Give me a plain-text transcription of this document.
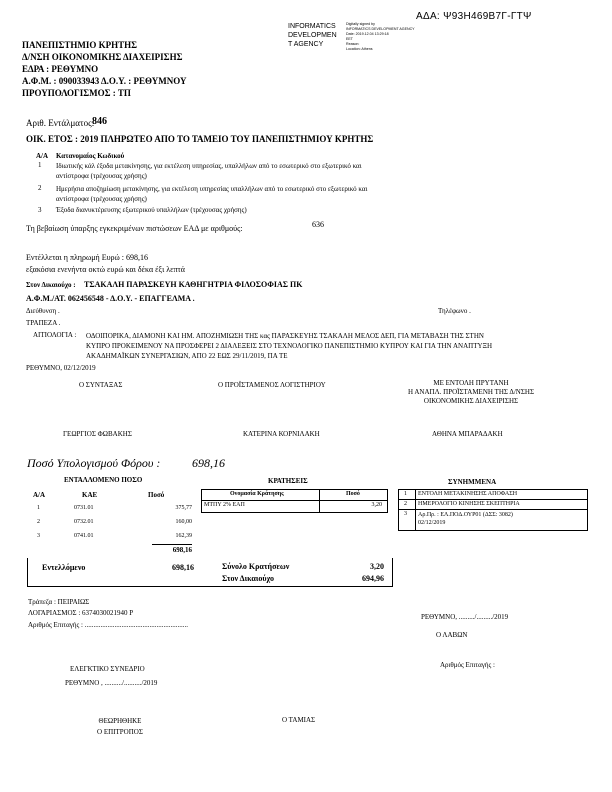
ΑΔΑ: Ψ93Η469Β7Γ-ΓΤΨ
INFORMATICS
DEVELOPMEN
T AGENCY
Digitally signed by
INFORMATICS DEVELOPMENT AGENCY
Date: 2019.12.04 13:29:18
EET
Reason:
Location: Athens
ΠΑΝΕΠΙΣΤΗΜΙΟ ΚΡΗΤΗΣ
Δ/ΝΣΗ ΟΙΚΟΝΟΜΙΚΗΣ ΔΙΑΧΕΙΡΙΣΗΣ
ΕΔΡΑ : ΡΕΘΥΜΝΟ
Α.Φ.Μ. : 090033943 Δ.Ο.Υ. : ΡΕΘΥΜΝΟΥ
ΠΡΟΥΠΟΛΟΓΙΣΜΟΣ : ΤΠ
Αριθ. Εντάλματος:
846
ΟΙΚ. ΕΤΟΣ : 2019 ΠΛΗΡΩΤΕΟ ΑΠΟ ΤΟ ΤΑΜΕΙΟ ΤΟΥ ΠΑΝΕΠΙΣΤΗΜΙΟΥ ΚΡΗΤΗΣ
Α/Α Κατανομαίος Κωδικού
1 Ιδιωτικής κάλ έξοδα μετακίνησης, για εκτέλεση υπηρεσίας, υπαλλήλων από το εσωτερικό στο εξωτερικό και
αντίστροφα (τρέχουσας χρήσης)
2 Ημερήσια αποζημίωση μετακίνησης, για εκτέλεση υπηρεσίας υπαλλήλων από το εσωτερικό στο εξωτερικό και
αντίστροφα (τρέχουσας χρήσης)
3 Έξοδα διανυκτέρευσης εξωτερικού υπαλλήλων (τρέχουσας χρήσης)
Τη βεβαίωση ύπαρξης εγκεκριμένων πιστώσεων ΕΑΔ με αριθμούς:	636
Εντέλλεται η πληρωμή Ευρώ : 698,16
εξακόσια ενενήντα οκτώ ευρώ και δέκα έξι λεπτά
Στον Δικαιούχο : ΤΣΑΚΑΛΗ ΠΑΡΑΣΚΕΥΗ ΚΑΘΗΓΗΤΡΙΑ ΦΙΛΟΣΟΦΙΑΣ ΠΚ
Α.Φ.Μ./ΑΤ. 062456548 - Δ.Ο.Υ. - ΕΠΑΓΓΕΛΜΑ .
Διεύθυνση .	Τηλέφωνο .
ΤΡΑΠΕΖΑ .
ΑΙΤΙΟΛΟΓΙΑ : ΟΔΟΙΠΟΡΙΚΑ, ΔΙΑΜΟΝΗ ΚΑΙ ΗΜ. ΑΠΟΖΗΜΙΩΣΗ ΤΗΣ κας ΠΑΡΑΣΚΕΥΗΣ ΤΣΑΚΑΛΗ ΜΕΛΟΣ ΔΕΠ, ΓΙΑ ΜΕΤΑΒΑΣΗ ΤΗΣ ΣΤΗΝ
ΚΥΠΡΟ ΠΡΟΚΕΙΜΕΝΟΥ ΝΑ ΠΡΟΣΦΕΡΕΙ 2 ΔΙΑΛΕΞΕΙΣ ΣΤΟ ΤΕΧΝΟΛΟΓΙΚΟ ΠΑΝΕΠΙΣΤΗΜΙΟ ΚΥΠΡΟΥ ΚΑΙ ΓΙΑ ΤΗΝ ΑΝΑΠΤΥΞΗ
ΑΚΑΔΗΜΑΪΚΩΝ ΣΥΝΕΡΓΑΣΙΩΝ, ΑΠΟ 22 ΕΩΣ 29/11/2019, ΠΑ ΤΕ
ΡΕΘΥΜΝΟ, 02/12/2019
Ο ΣΥΝΤΑΞΑΣ	Ο ΠΡΟΪΣΤΑΜΕΝΟΣ ΛΟΓΙΣΤΗΡΙΟΥ	ΜΕ ΕΝΤΟΛΗ ΠΡΥΤΑΝΗ
Η ΑΝΑΠΛ. ΠΡΟΪΣΤΑΜΕΝΗ ΤΗΣ Δ/ΝΣΗΣ
ΟΙΚΟΝΟΜΙΚΗΣ ΔΙΑΧΕΙΡΙΣΗΣ
ΓΕΩΡΓΙΟΣ ΦΩΒΑΚΗΣ	ΚΑΤΕΡΙΝΑ ΚΟΡΝΙΛΑΚΗ	ΑΘΗΝΑ ΜΠΑΡΑΔΑΚΗ
Ποσό Υπολογισμού Φόρου :	698,16
ΕΝΤΑΛΛΟΜΕΝΟ ΠΟΣΟ
Α/Α	ΚΑΕ	Ποσό
1	0731.01	375,77
2	0732.01	160,00
3	0741.01	162,39
698,16
Εντελλόμενο	698,16
ΚΡΑΤΗΣΕΙΣ
Ονομασία Κράτησης	Ποσό
ΜΤΠΥ 2% ΕΑΠ	3,20
Σύνολο Κρατήσεων	3,20
Στον Δικαιούχο	694,96
ΣΥΝΗΜΜΕΝΑ
1 ΕΝΤΟΛΗ ΜΕΤΑΚΙΝΗΣΗΣ ΑΠΟΦΑΣΗ
2 ΗΜΕΡΟΛΟΓΙΟ ΚΙΝΗΣΗΣ ΣΚΕΠΤΗΡΙΑ
3 Αρ.Πρ. : ΕΛ.ΠΟΔ.ΟΥΡ01 (ΔΣΣ: 3082)
02/12/2019
Τράπεζα : ΠΕΙΡΑΙΩΣ
ΛΟΓΑΡΙΑΣΜΟΣ : 6374030021940 Ρ
Αριθμός Επιταγής : ...........................................................
ΡΕΘΥΜΝΟ, ........./........./2019
Ο ΛΑΒΩΝ
Αριθμός Επιταγής :
ΕΛΕΓΚΤΙΚΟ ΣΥΝΕΔΡΙΟ
ΡΕΘΥΜΝΟ , ........../........../2019
ΘΕΩΡΗΘΗΚΕ
Ο ΕΠΙΤΡΟΠΟΣ
Ο ΤΑΜΙΑΣ
